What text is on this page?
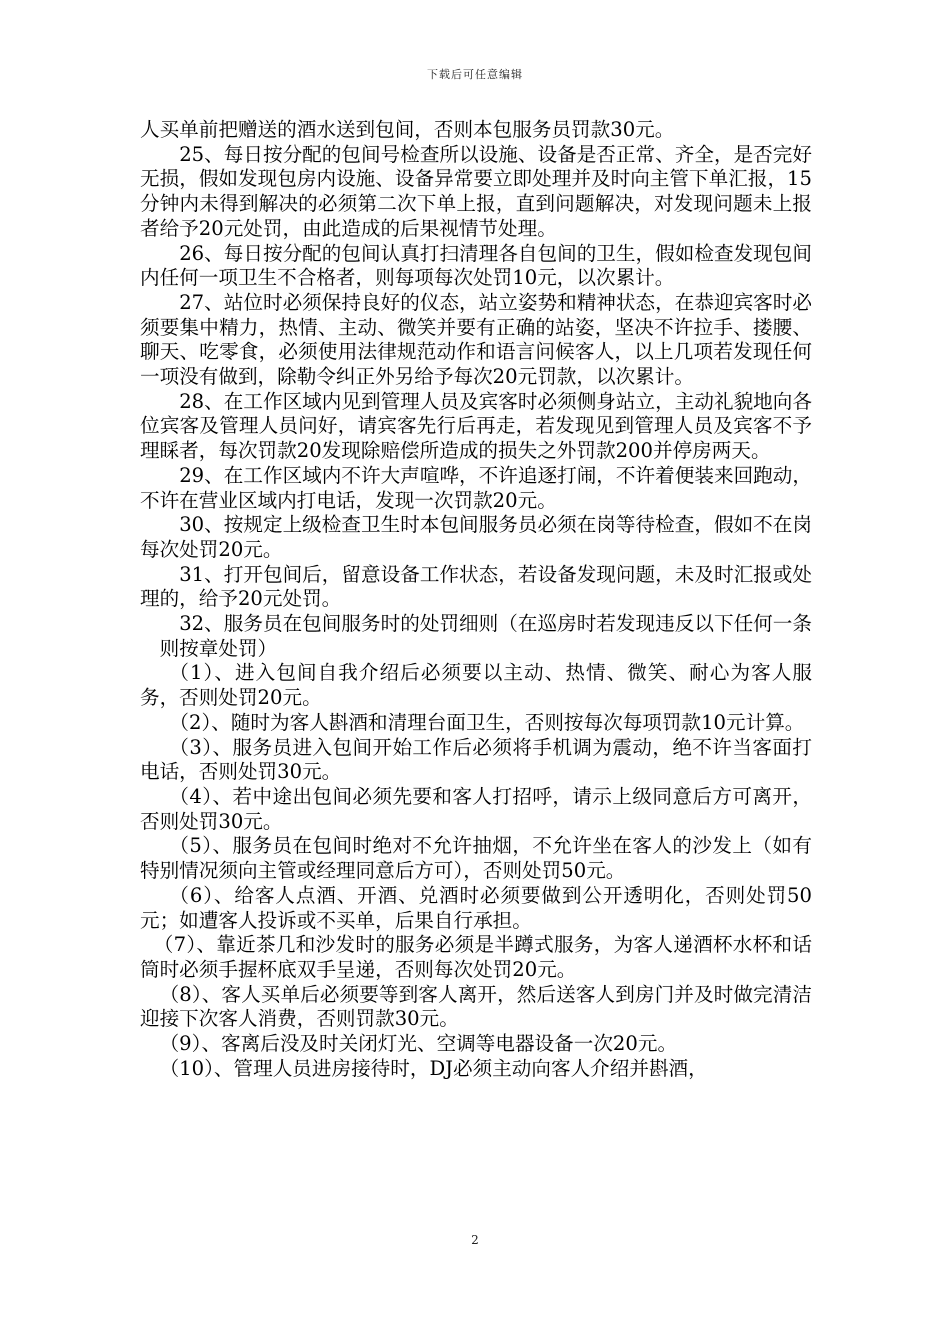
下载后可任意编辑

人买单前把赠送的酒水送到包间，否则本包服务员罚款30元。

25、每日按分配的包间号检查所以设施、设备是否正常、齐全，是否完好无损，假如发现包房内设施、设备异常要立即处理并及时向主管下单汇报，15分钟内未得到解决的必须第二次下单上报，直到问题解决，对发现问题未上报者给予20元处罚，由此造成的后果视情节处理。

26、每日按分配的包间认真打扫清理各自包间的卫生，假如检查发现包间内任何一项卫生不合格者，则每项每次处罚10元，以次累计。

27、站位时必须保持良好的仪态，站立姿势和精神状态，在恭迎宾客时必须要集中精力，热情、主动、微笑并要有正确的站姿，坚决不许拉手、搂腰、聊天、吃零食，必须使用法律规范动作和语言问候客人，以上几项若发现任何一项没有做到，除勒令纠正外另给予每次20元罚款，以次累计。

28、在工作区域内见到管理人员及宾客时必须侧身站立，主动礼貌地向各位宾客及管理人员问好，请宾客先行后再走，若发现见到管理人员及宾客不予理睬者，每次罚款20发现除赔偿所造成的损失之外罚款200并停房两天。

29、在工作区域内不许大声喧哗，不许追逐打闹，不许着便装来回跑动，不许在营业区域内打电话，发现一次罚款20元。

30、按规定上级检查卫生时本包间服务员必须在岗等待检查，假如不在岗每次处罚20元。

31、打开包间后，留意设备工作状态，若设备发现问题，未及时汇报或处理的，给予20元处罚。

32、服务员在包间服务时的处罚细则（在巡房时若发现违反以下任何一条则按章处罚）

（1）、进入包间自我介绍后必须要以主动、热情、微笑、耐心为客人服务，否则处罚20元。

（2）、随时为客人斟酒和清理台面卫生，否则按每次每项罚款10元计算。

（3）、服务员进入包间开始工作后必须将手机调为震动，绝不许当客面打电话，否则处罚30元。

（4）、若中途出包间必须先要和客人打招呼，请示上级同意后方可离开，否则处罚30元。

（5）、服务员在包间时绝对不允许抽烟，不允许坐在客人的沙发上（如有特别情况须向主管或经理同意后方可），否则处罚50元。

（6）、给客人点酒、开酒、兑酒时必须要做到公开透明化，否则处罚50元；如遭客人投诉或不买单，后果自行承担。

（7）、靠近茶几和沙发时的服务必须是半蹲式服务，为客人递酒杯水杯和话筒时必须手握杯底双手呈递，否则每次处罚20元。

（8）、客人买单后必须要等到客人离开，然后送客人到房门并及时做完清洁迎接下次客人消费，否则罚款30元。

（9）、客离后没及时关闭灯光、空调等电器设备一次20元。

（10）、管理人员进房接待时，DJ必须主动向客人介绍并斟酒，

2
